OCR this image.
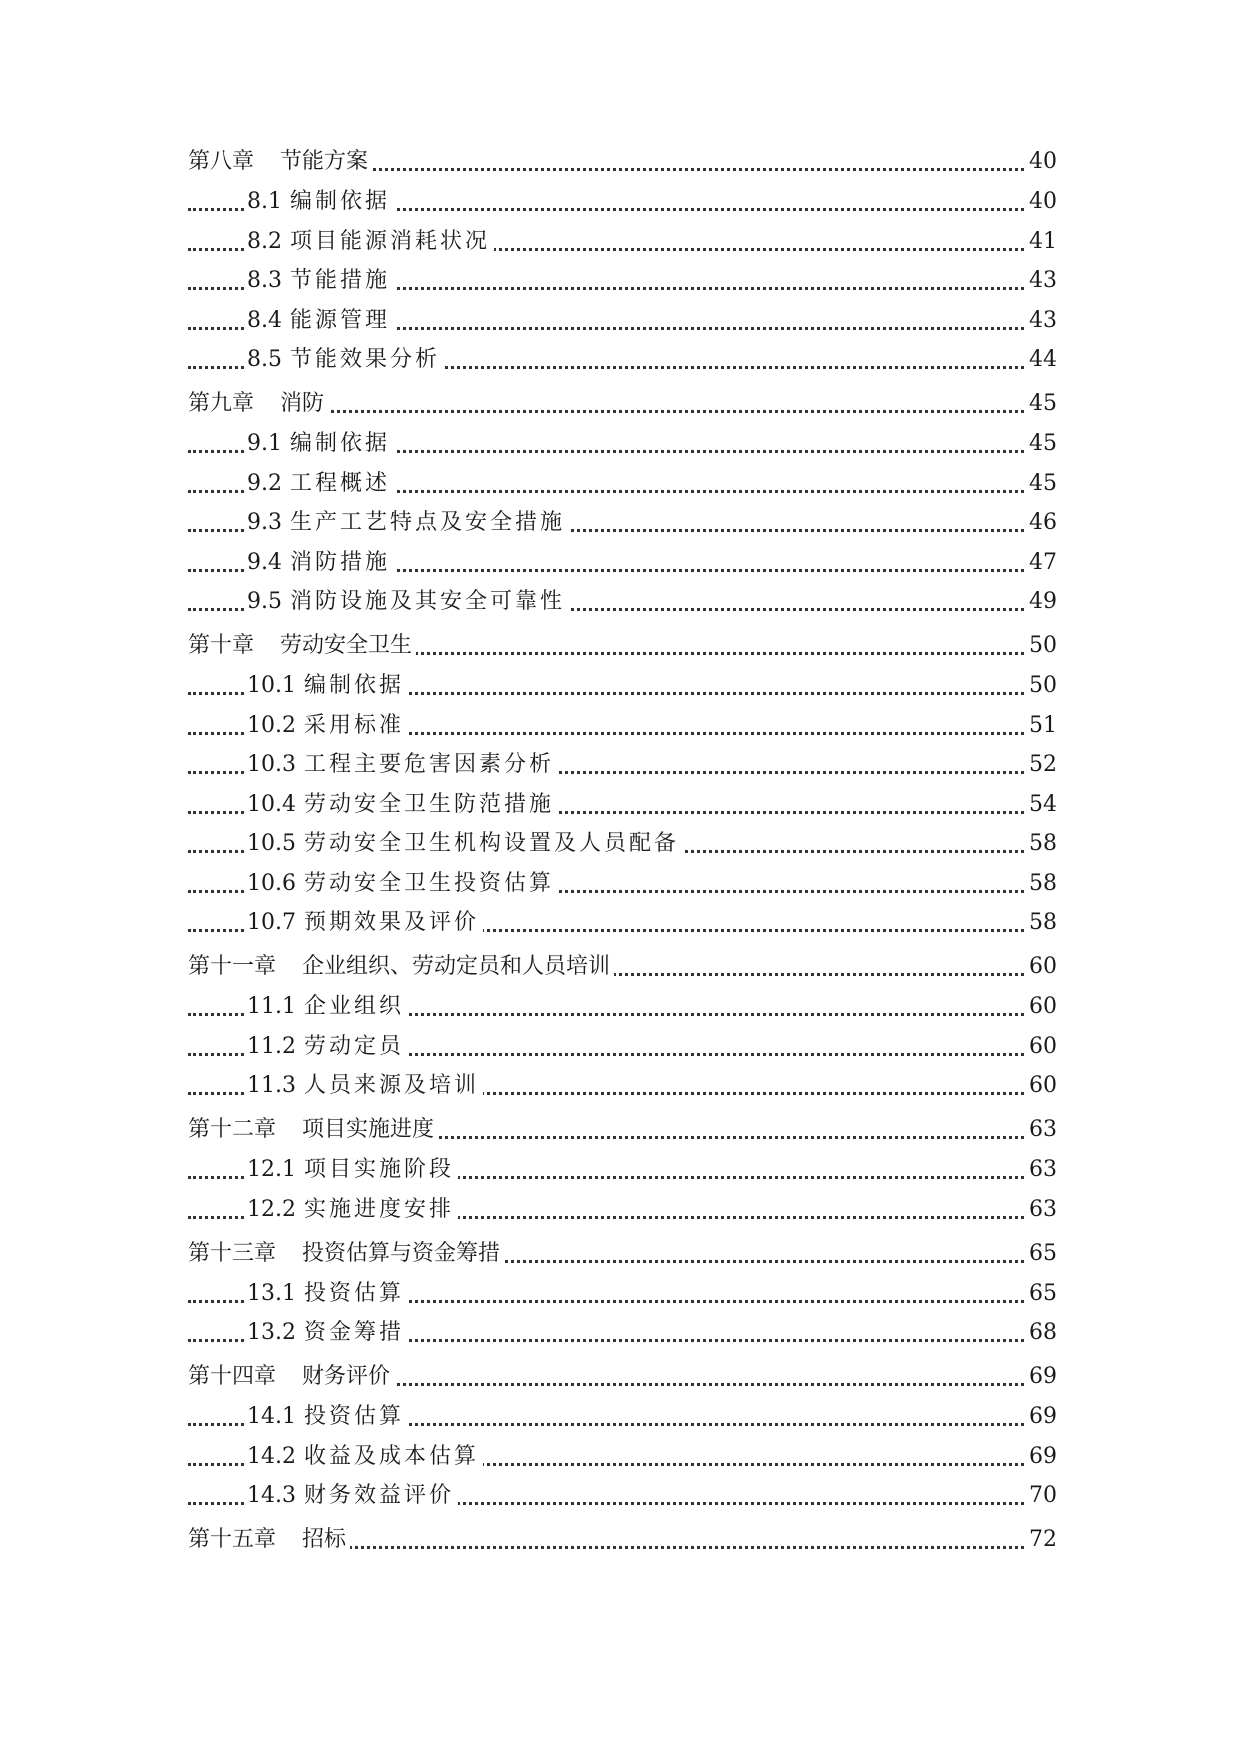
第八章 节能方案	40
8.1 编制依据	40
8.2 项目能源消耗状况	41
8.3 节能措施	43
8.4 能源管理	43
8.5 节能效果分析	44
第九章 消防	45
9.1 编制依据	45
9.2 工程概述	45
9.3 生产工艺特点及安全措施	46
9.4 消防措施	47
9.5 消防设施及其安全可靠性	49
第十章 劳动安全卫生	50
10.1 编制依据	50
10.2 采用标准	51
10.3 工程主要危害因素分析	52
10.4 劳动安全卫生防范措施	54
10.5 劳动安全卫生机构设置及人员配备	58
10.6 劳动安全卫生投资估算	58
10.7 预期效果及评价	58
第十一章 企业组织、劳动定员和人员培训	60
11.1 企业组织	60
11.2 劳动定员	60
11.3 人员来源及培训	60
第十二章 项目实施进度	63
12.1 项目实施阶段	63
12.2 实施进度安排	63
第十三章 投资估算与资金筹措	65
13.1 投资估算	65
13.2 资金筹措	68
第十四章 财务评价	69
14.1 投资估算	69
14.2 收益及成本估算	69
14.3 财务效益评价	70
第十五章 招标	72
